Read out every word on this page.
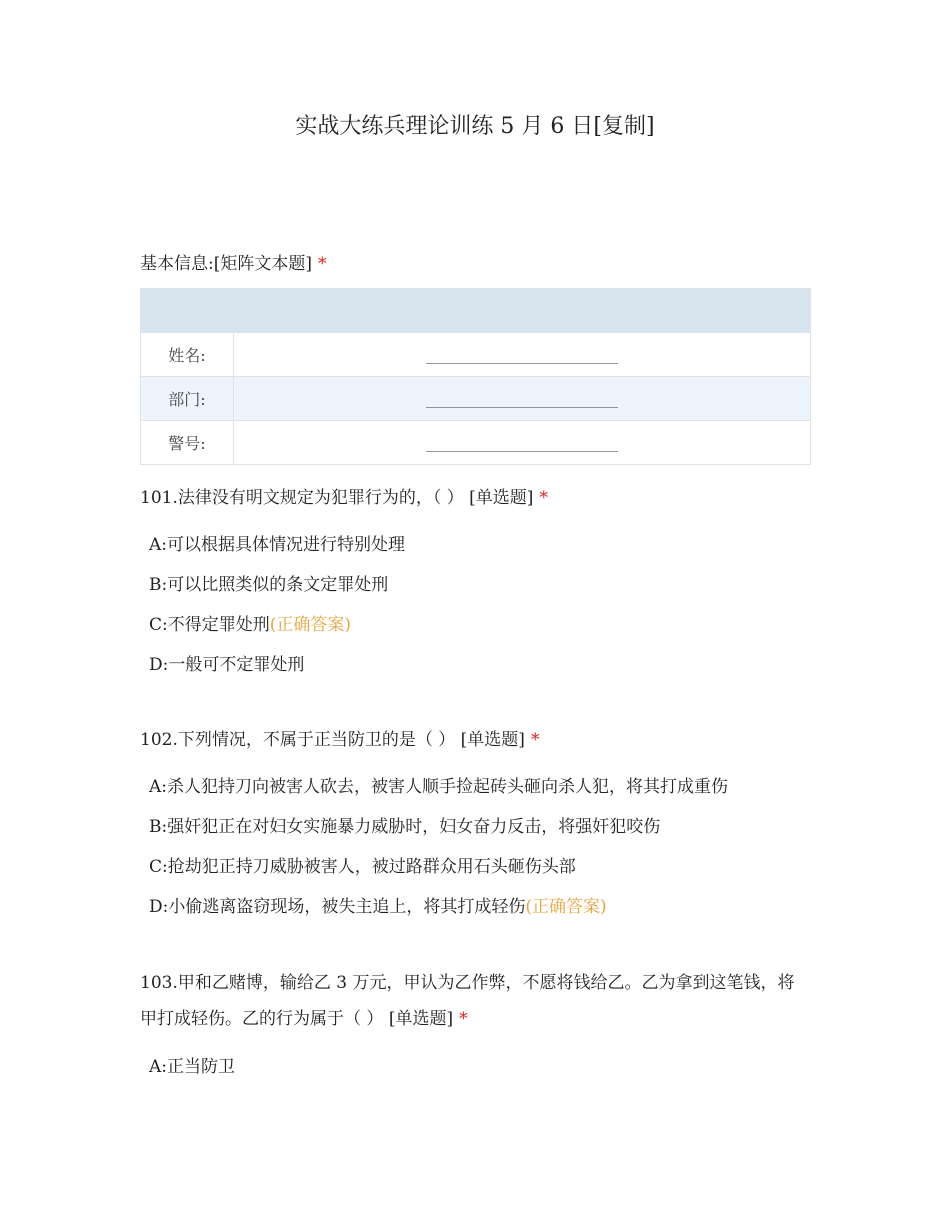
实战大练兵理论训练 5 月 6 日[复制]
基本信息:[矩阵文本题] *

姓名:	________________________
部门:	________________________
警号:	________________________
101.法律没有明文规定为犯罪行为的，（ ） [单选题] *
A:可以根据具体情况进行特别处理
B:可以比照类似的条文定罪处刑
C:不得定罪处刑(正确答案)
D:一般可不定罪处刑
102.下列情况，不属于正当防卫的是（ ） [单选题] *
A:杀人犯持刀向被害人砍去，被害人顺手捡起砖头砸向杀人犯，将其打成重伤
B:强奸犯正在对妇女实施暴力威胁时，妇女奋力反击，将强奸犯咬伤
C:抢劫犯正持刀威胁被害人，被过路群众用石头砸伤头部
D:小偷逃离盗窃现场，被失主追上，将其打成轻伤(正确答案)
103.甲和乙赌博，输给乙 3 万元，甲认为乙作弊，不愿将钱给乙。乙为拿到这笔钱，将甲打成轻伤。乙的行为属于（ ） [单选题] *
A:正当防卫
